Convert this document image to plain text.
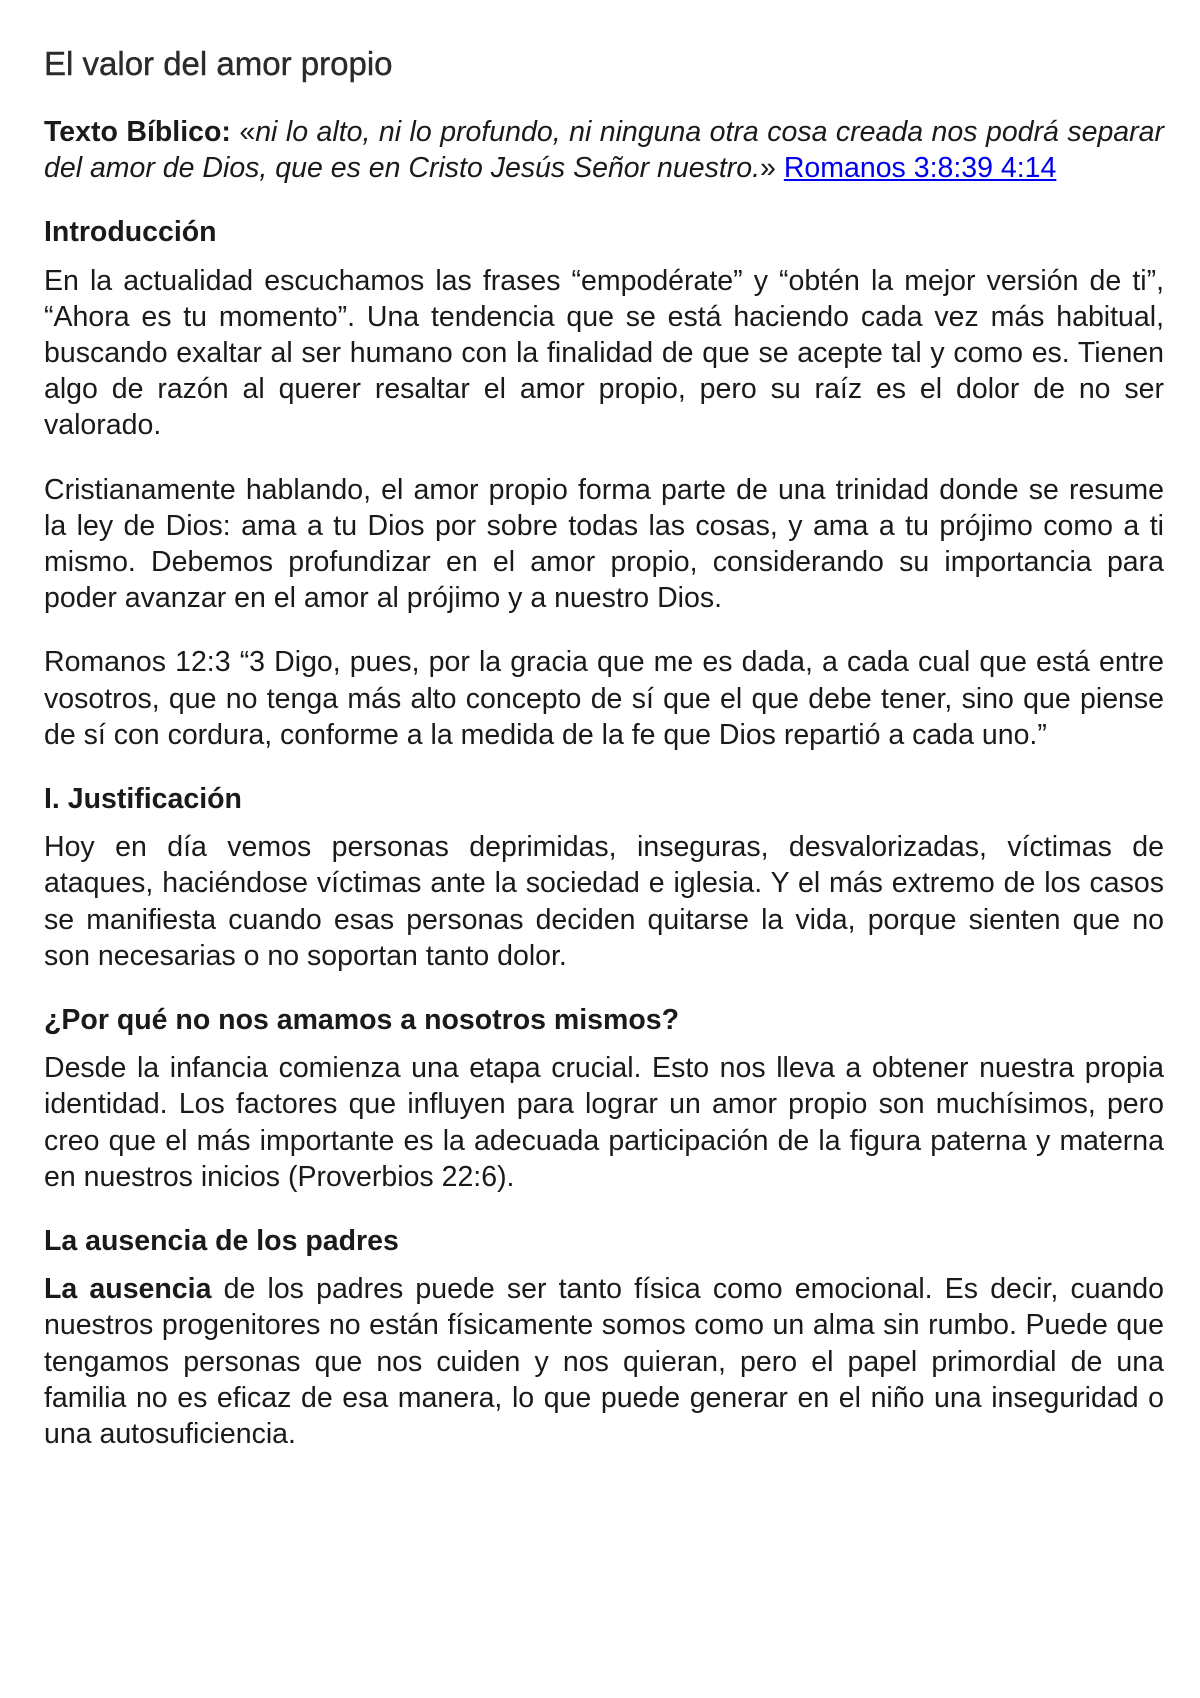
El valor del amor propio

Texto Bíblico: «ni lo alto, ni lo profundo, ni ninguna otra cosa creada nos podrá separar del amor de Dios, que es en Cristo Jesús Señor nuestro.» Romanos 3:8:39 4:14

Introducción

En la actualidad escuchamos las frases “empodérate” y “obtén la mejor versión de ti”, “Ahora es tu momento”. Una tendencia que se está haciendo cada vez más habitual, buscando exaltar al ser humano con la finalidad de que se acepte tal y como es. Tienen algo de razón al querer resaltar el amor propio, pero su raíz es el dolor de no ser valorado.

Cristianamente hablando, el amor propio forma parte de una trinidad donde se resume la ley de Dios: ama a tu Dios por sobre todas las cosas, y ama a tu prójimo como a ti mismo. Debemos profundizar en el amor propio, considerando su importancia para poder avanzar en el amor al prójimo y a nuestro Dios.

Romanos 12:3 “3 Digo, pues, por la gracia que me es dada, a cada cual que está entre vosotros, que no tenga más alto concepto de sí que el que debe tener, sino que piense de sí con cordura, conforme a la medida de la fe que Dios repartió a cada uno.”

I. Justificación

Hoy en día vemos personas deprimidas, inseguras, desvalorizadas, víctimas de ataques, haciéndose víctimas ante la sociedad e iglesia. Y el más extremo de los casos se manifiesta cuando esas personas deciden quitarse la vida, porque sienten que no son necesarias o no soportan tanto dolor.

¿Por qué no nos amamos a nosotros mismos?

Desde la infancia comienza una etapa crucial. Esto nos lleva a obtener nuestra propia identidad. Los factores que influyen para lograr un amor propio son muchísimos, pero creo que el más importante es la adecuada participación de la figura paterna y materna en nuestros inicios (Proverbios 22:6).

La ausencia de los padres

La ausencia de los padres puede ser tanto física como emocional. Es decir, cuando nuestros progenitores no están físicamente somos como un alma sin rumbo. Puede que tengamos personas que nos cuiden y nos quieran, pero el papel primordial de una familia no es eficaz de esa manera, lo que puede generar en el niño una inseguridad o una autosuficiencia.
